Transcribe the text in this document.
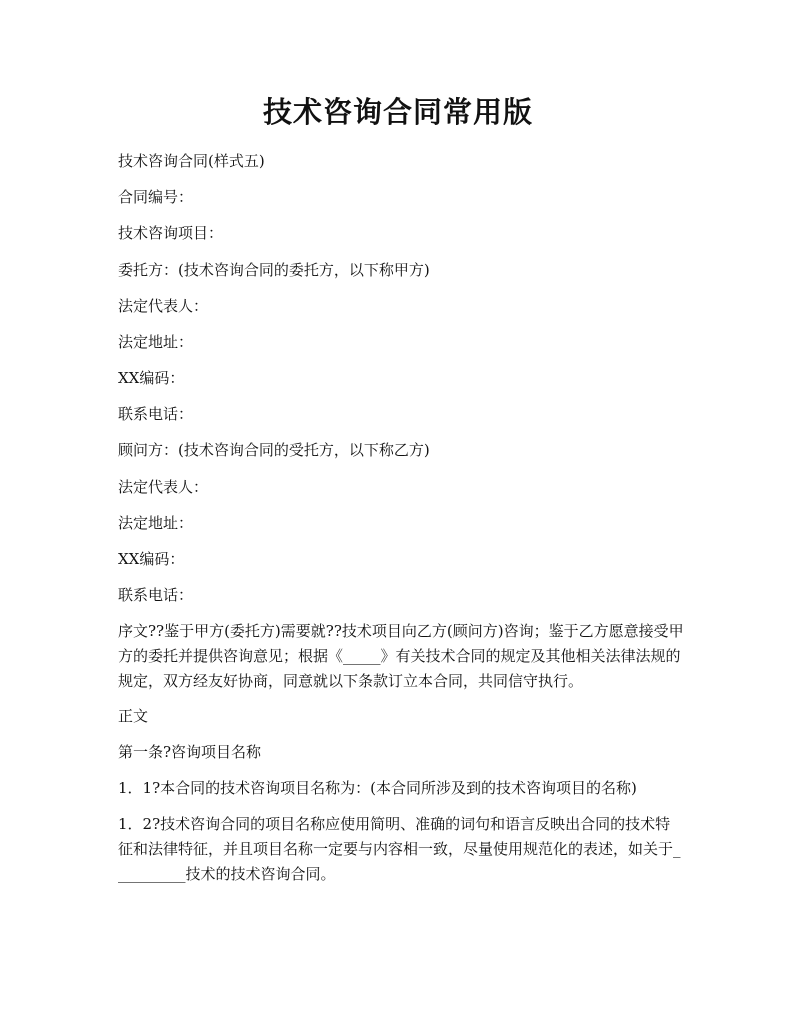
技术咨询合同常用版

技术咨询合同(样式五)

合同编号：

技术咨询项目：

委托方：(技术咨询合同的委托方，以下称甲方)

法定代表人：

法定地址：

XX编码：

联系电话：

顾问方：(技术咨询合同的受托方，以下称乙方)

法定代表人：

法定地址：

XX编码：

联系电话：

序文??鉴于甲方(委托方)需要就??技术项目向乙方(顾问方)咨询；鉴于乙方愿意接受甲方的委托并提供咨询意见；根据《_____》有关技术合同的规定及其他相关法律法规的规定，双方经友好协商，同意就以下条款订立本合同，共同信守执行。

正文

第一条?咨询项目名称

1．1?本合同的技术咨询项目名称为：(本合同所涉及到的技术咨询项目的名称)

1．2?技术咨询合同的项目名称应使用简明、准确的词句和语言反映出合同的技术特征和法律特征，并且项目名称一定要与内容相一致，尽量使用规范化的表述，如关于__________技术的技术咨询合同。
